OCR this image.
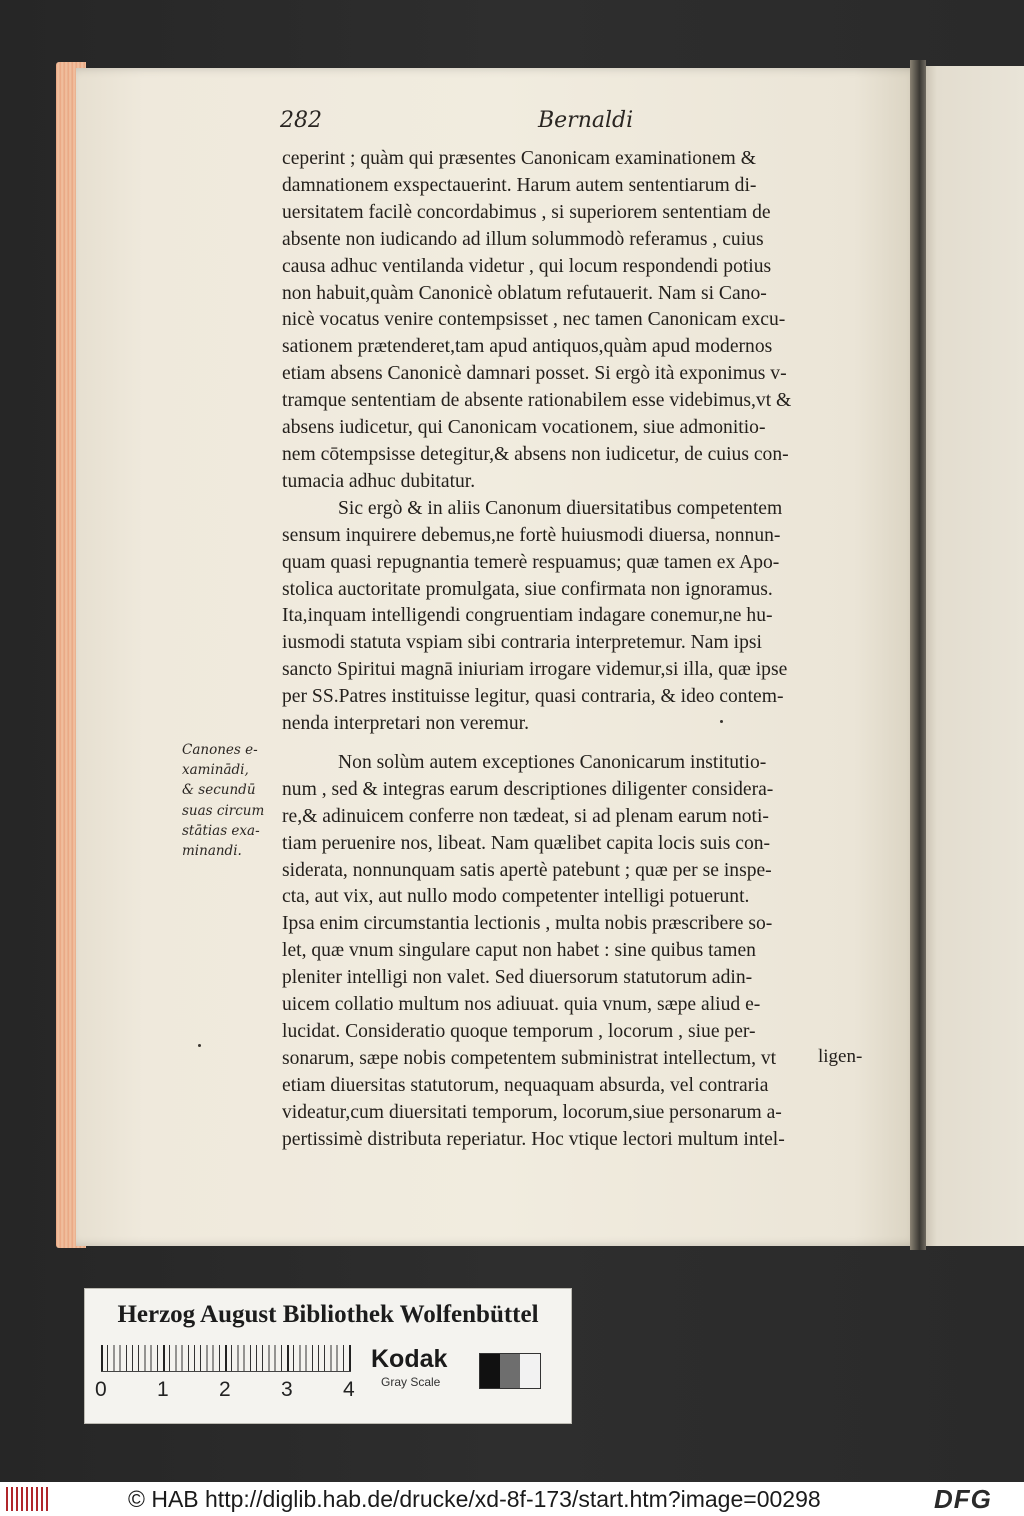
282	Bernaldi
ceperint ; quàm qui præsentes Canonicam examinationem &
damnationem exspectauerint. Harum autem sententiarum di-
uersitatem facilè concordabimus , si superiorem sententiam de
absente non iudicando ad illum solummodò referamus , cuius
causa adhuc ventilanda videtur , qui locum respondendi potius
non habuit,quàm Canonicè oblatum refutauerit. Nam si Cano-
nicè vocatus venire contempsisset , nec tamen Canonicam excu-
sationem prætenderet,tam apud antiquos,quàm apud modernos
etiam absens Canonicè damnari posset. Si ergò ità exponimus v-
tramque sententiam de absente rationabilem esse videbimus,vt &
absens iudicetur, qui Canonicam vocationem, siue admonitio-
nem cōtempsisse detegitur,& absens non iudicetur, de cuius con-
tumacia adhuc dubitatur.
Sic ergò & in aliis Canonum diuersitatibus competentem
sensum inquirere debemus,ne fortè huiusmodi diuersa, nonnun-
quam quasi repugnantia temerè respuamus; quæ tamen ex Apo-
stolica auctoritate promulgata, siue confirmata non ignoramus.
Ita,inquam intelligendi congruentiam indagare conemur,ne hu-
iusmodi statuta vspiam sibi contraria interpretemur. Nam ipsi
sancto Spiritui magnā iniuriam irrogare videmur,si illa, quæ ipse
per SS.Patres instituisse legitur, quasi contraria, & ideo contem-
nenda interpretari non veremur.
Non solùm autem exceptiones Canonicarum institutio-
num , sed & integras earum descriptiones diligenter considera-
re,& adinuicem conferre non tædeat, si ad plenam earum noti-
tiam peruenire nos, libeat. Nam quælibet capita locis suis con-
siderata, nonnunquam satis apertè patebunt ; quæ per se inspe-
cta, aut vix, aut nullo modo competenter intelligi potuerunt.
Ipsa enim circumstantia lectionis , multa nobis præscribere so-
let, quæ vnum singulare caput non habet : sine quibus tamen
pleniter intelligi non valet. Sed diuersorum statutorum adin-
uicem collatio multum nos adiuuat. quia vnum, sæpe aliud e-
lucidat. Consideratio quoque temporum , locorum , siue per-
sonarum, sæpe nobis competentem subministrat intellectum, vt
etiam diuersitas statutorum, nequaquam absurda, vel contraria
videatur,cum diuersitati temporum, locorum,siue personarum a-
pertissimè distributa reperiatur. Hoc vtique lectori multum intel-
Canones e-
xaminādi,
& secundū
suas circum
stātias exa-
minandi.
ligen-
Herzog August Bibliothek Wolfenbüttel
0 1 2 3 4
Kodak
Gray Scale
© HAB http://diglib.hab.de/drucke/xd-8f-173/start.htm?image=00298	DFG
